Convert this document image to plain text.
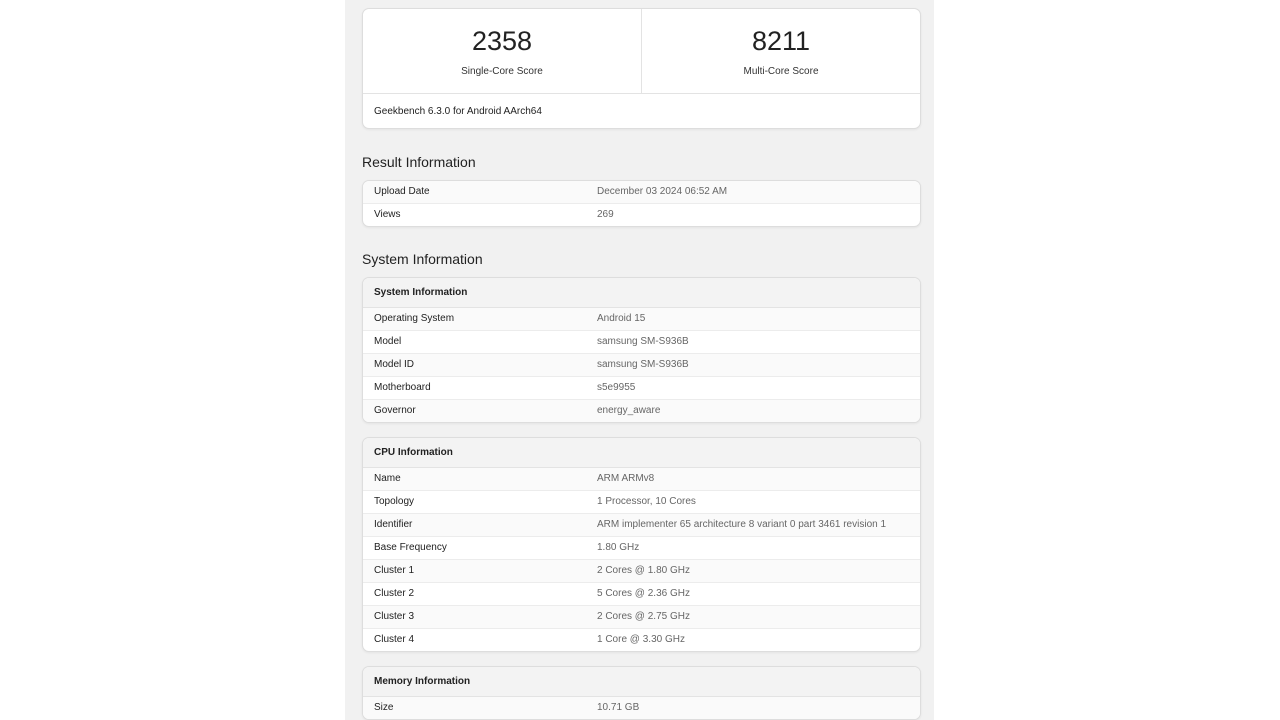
2358
Single-Core Score
8211
Multi-Core Score
Geekbench 6.3.0 for Android AArch64
Result Information
Upload Date	December 03 2024 06:52 AM
Views	269
System Information
System Information
Operating System	Android 15
Model	samsung SM-S936B
Model ID	samsung SM-S936B
Motherboard	s5e9955
Governor	energy_aware
CPU Information
Name	ARM ARMv8
Topology	1 Processor, 10 Cores
Identifier	ARM implementer 65 architecture 8 variant 0 part 3461 revision 1
Base Frequency	1.80 GHz
Cluster 1	2 Cores @ 1.80 GHz
Cluster 2	5 Cores @ 2.36 GHz
Cluster 3	2 Cores @ 2.75 GHz
Cluster 4	1 Core @ 3.30 GHz
Memory Information
Size	10.71 GB
